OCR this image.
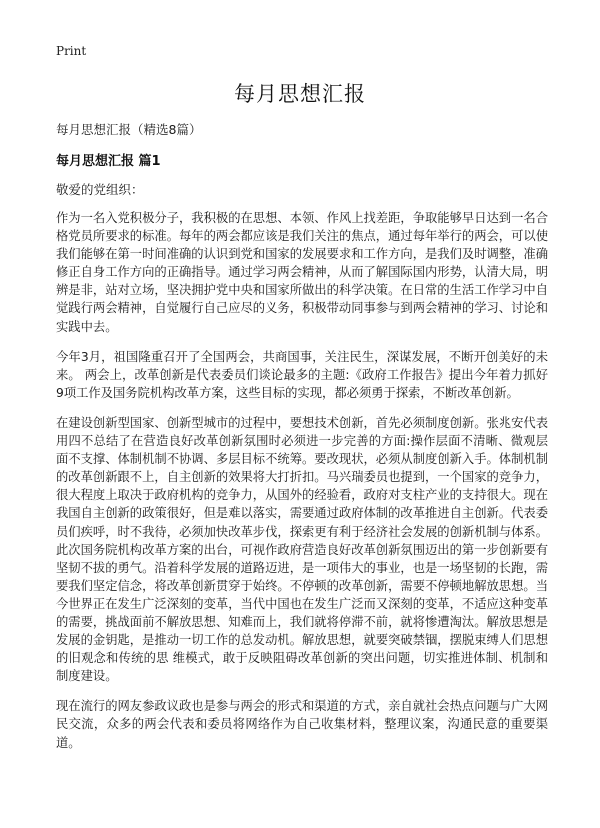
Print
每月思想汇报
每月思想汇报（精选8篇）
每月思想汇报 篇1
敬爱的党组织：

作为一名入党积极分子，我积极的在思想、本领、作风上找差距，争取能够早日达到一名合格党员所要求的标准。每年的两会都应该是我们关注的焦点，通过每年举行的两会，可以使我们能够在第一时间准确的认识到党和国家的发展要求和工作方向，是我们及时调整，准确修正自身工作方向的正确指导。通过学习两会精神，从而了解国际国内形势，认清大局，明辨是非，站对立场，坚决拥护党中央和国家所做出的科学决策。在日常的生活工作学习中自觉践行两会精神，自觉履行自己应尽的义务，积极带动同事参与到两会精神的学习、讨论和实践中去。

今年3月，祖国隆重召开了全国两会，共商国事，关注民生，深谋发展，不断开创美好的未来。 两会上，改革创新是代表委员们谈论最多的主题:《政府工作报告》提出今年着力抓好9项工作及国务院机构改革方案，这些目标的实现，都必须勇于探索，不断改革创新。

在建设创新型国家、创新型城市的过程中，要想技术创新，首先必须制度创新。张兆安代表用四不总结了在营造良好改革创新氛围时必须进一步完善的方面:操作层面不清晰、微观层面不支撑、体制机制不协调、多层目标不统筹。要改现状，必须从制度创新入手。体制机制的改革创新跟不上，自主创新的效果将大打折扣。马兴瑞委员也提到，一个国家的竞争力，很大程度上取决于政府机构的竞争力，从国外的经验看，政府对支柱产业的支持很大。现在我国自主创新的政策很好，但是难以落实，需要通过政府体制的改革推进自主创新。代表委员们疾呼，时不我待，必须加快改革步伐，探索更有利于经济社会发展的创新机制与体系。此次国务院机构改革方案的出台，可视作政府营造良好改革创新氛围迈出的第一步创新要有坚韧不拔的勇气。沿着科学发展的道路迈进，是一项伟大的事业，也是一场坚韧的长跑，需要我们坚定信念，将改革创新贯穿于始终。不停顿的改革创新，需要不停顿地解放思想。当今世界正在发生广泛深刻的变革，当代中国也在发生广泛而又深刻的变革，不适应这种变革的需要，挑战面前不解放思想、知难而上，我们就将停滞不前，就将惨遭淘汰。解放思想是发展的金钥匙，是推动一切工作的总发动机。解放思想，就要突破禁锢，摆脱束缚人们思想的旧观念和传统的思 维模式，敢于反映阻碍改革创新的突出问题，切实推进体制、机制和制度建设。

现在流行的网友参政议政也是参与两会的形式和渠道的方式，亲自就社会热点问题与广大网民交流，众多的两会代表和委员将网络作为自己收集材料，整理议案，沟通民意的重要渠道。
